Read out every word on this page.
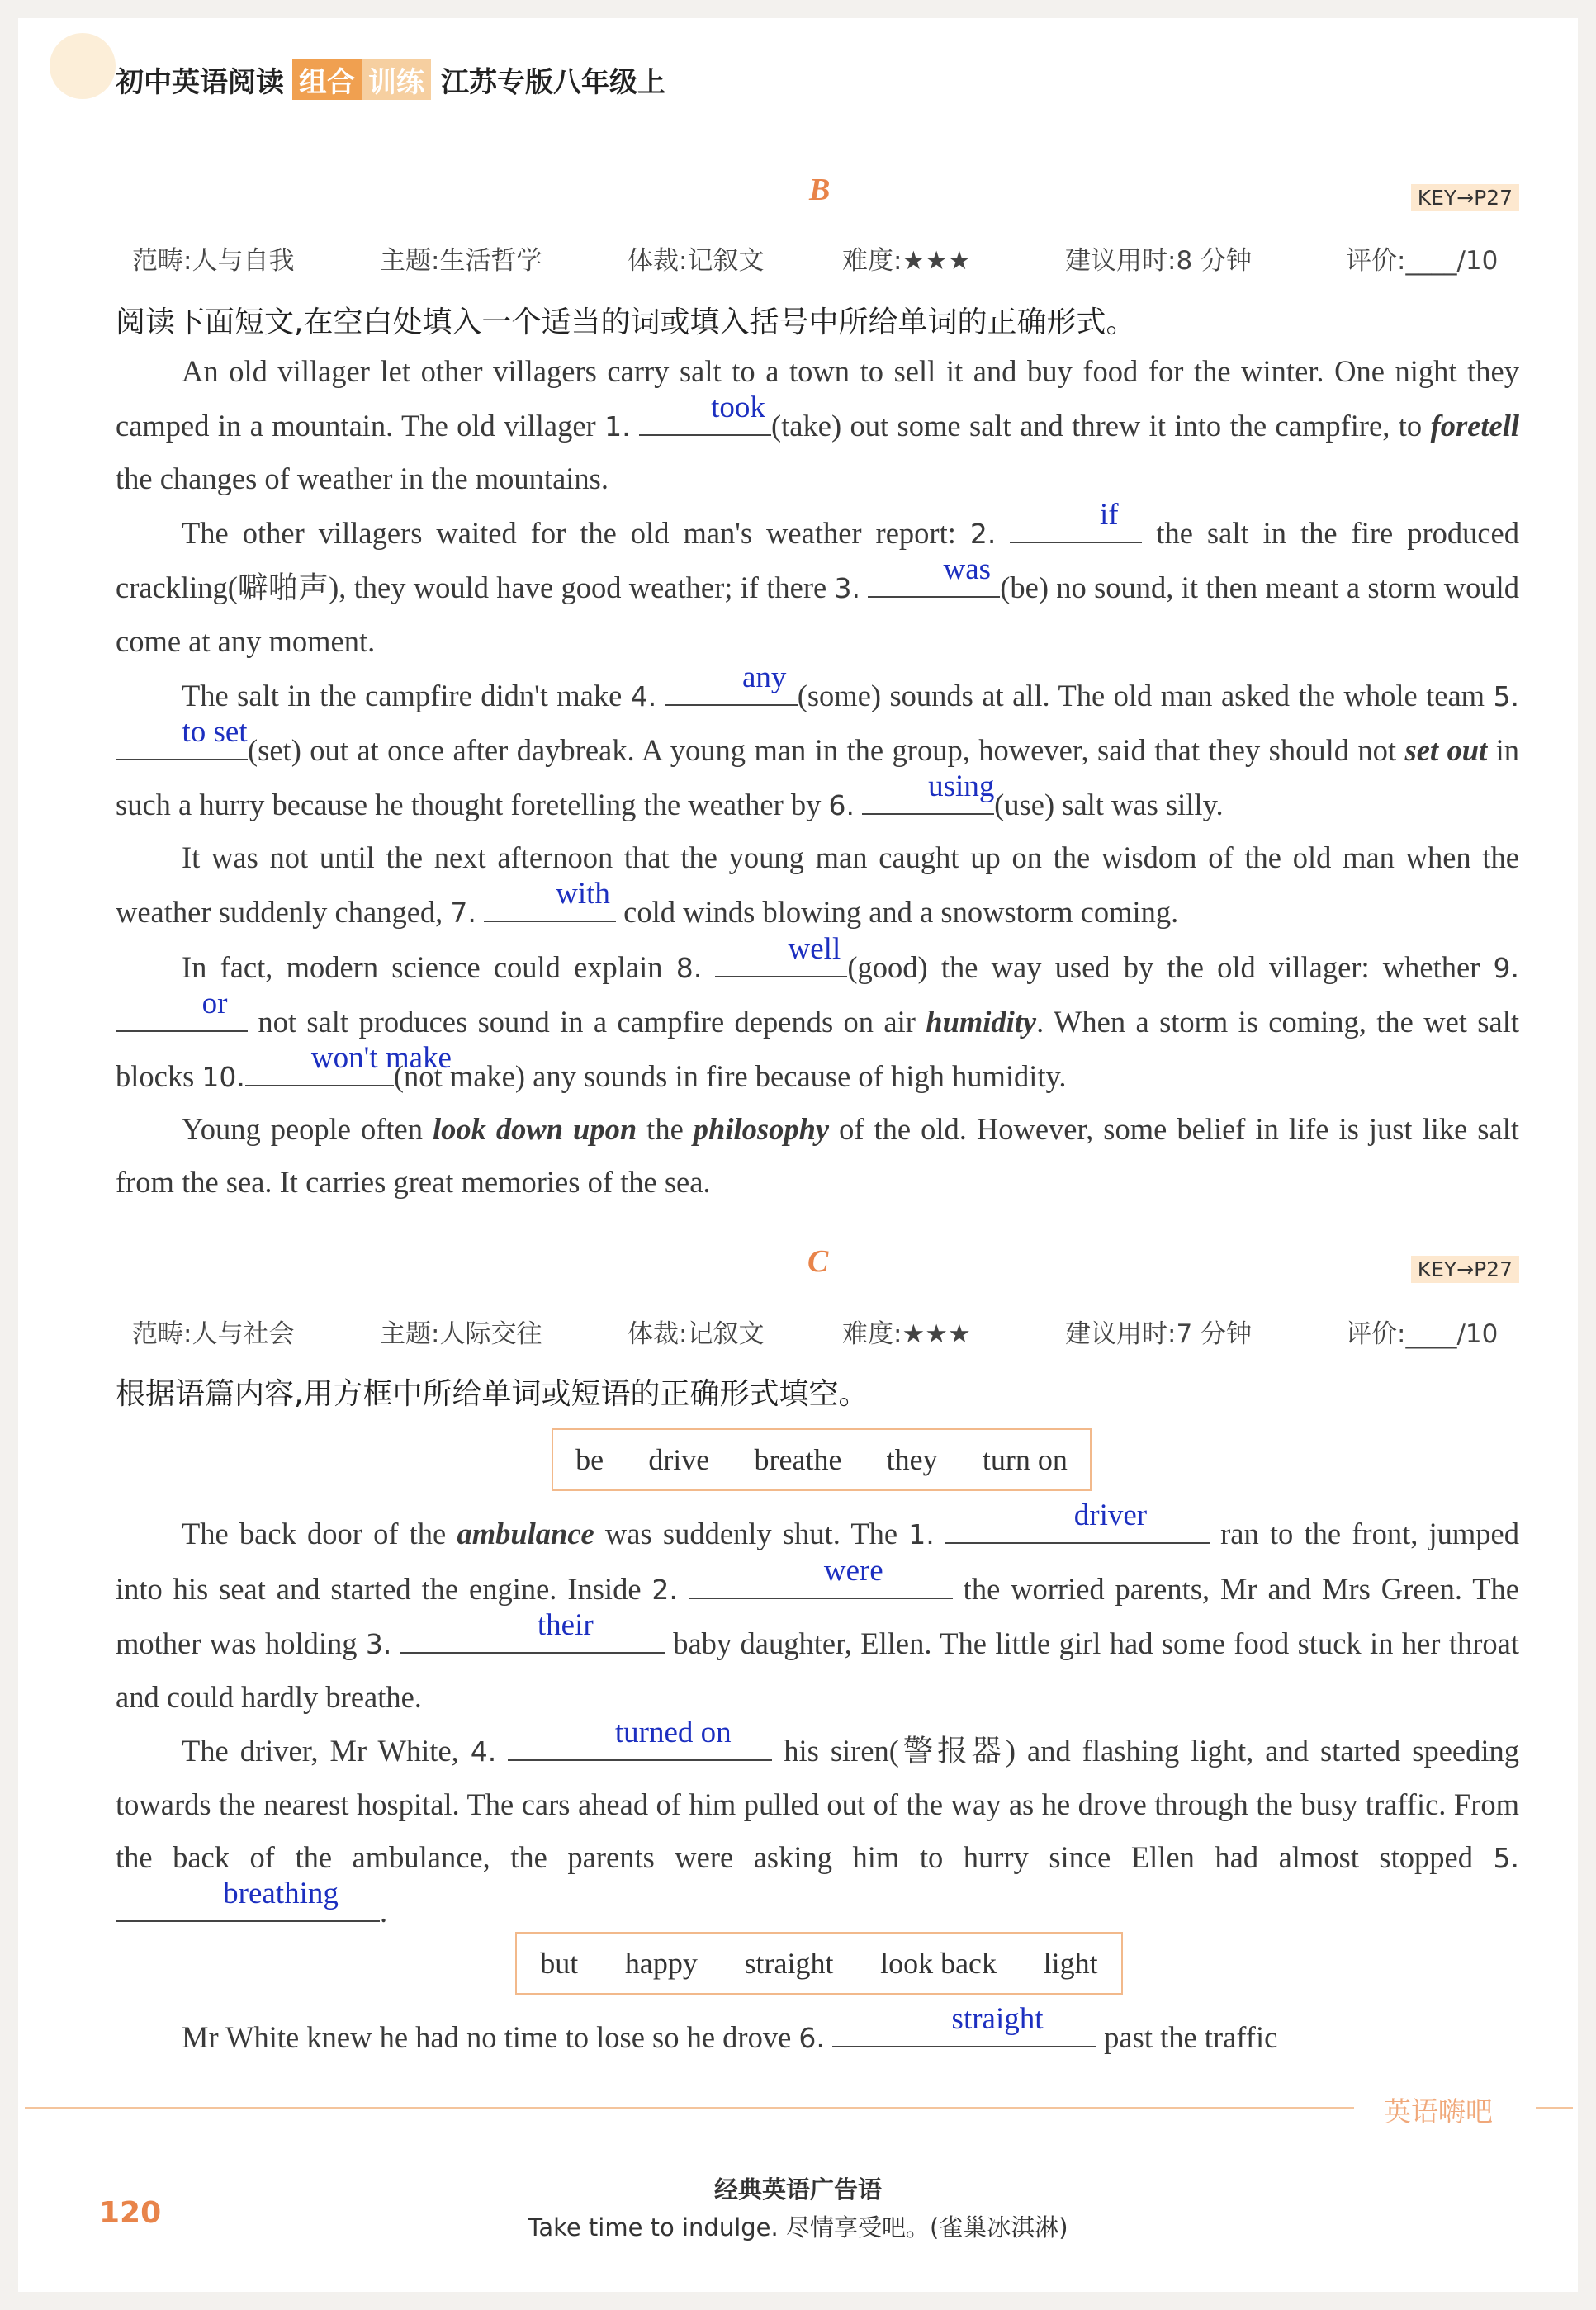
初中英语阅读 组合 训练 江苏专版八年级上
B	KEY→P27
范畴:人与自我	主题:生活哲学	体裁:记叙文	难度:★★★	建议用时:8 分钟	评价:____/10
阅读下面短文,在空白处填入一个适当的词或填入括号中所给单词的正确形式。

An old villager let other villagers carry salt to a town to sell it and buy food for the winter. One night they camped in a mountain. The old villager 1.
took
(take) out some salt and threw it into the campfire, to foretell the changes of weather in the mountains.

The other villagers waited for the old man's weather report: 2.
if
the salt in the fire produced crackling(噼啪声), they would have good weather; if there 3.
was
(be) no sound, it then meant a storm would come at any moment.

The salt in the campfire didn't make 4.
any
(some) sounds at all. The old man asked the whole team 5.
to set
(set) out at once after daybreak. A young man in the group, however, said that they should not set out in such a hurry because he thought foretelling the weather by 6.
using
(use) salt was silly.

It was not until the next afternoon that the young man caught up on the wisdom of the old man when the weather suddenly changed, 7.
with
cold winds blowing and a snowstorm coming.

In fact, modern science could explain 8.
well
(good) the way used by the old villager: whether 9.
or
not salt produces sound in a campfire depends on air humidity. When a storm is coming, the wet salt blocks 10.
won't make
(not make) any sounds in fire because of high humidity.

Young people often look down upon the philosophy of the old. However, some belief in life is just like salt from the sea. It carries great memories of the sea.

C	KEY→P27
范畴:人与社会	主题:人际交往	体裁:记叙文	难度:★★★	建议用时:7 分钟	评价:____/10
根据语篇内容,用方框中所给单词或短语的正确形式填空。
be drive breathe they turn on

The back door of the ambulance was suddenly shut. The 1.
driver
ran to the front, jumped into his seat and started the engine. Inside 2.
were
the worried parents, Mr and Mrs Green. The mother was holding 3.
their
baby daughter, Ellen. The little girl had some food stuck in her throat and could hardly breathe.

The driver, Mr White, 4.
turned on
his siren(警报器) and flashing light, and started speeding towards the nearest hospital. The cars ahead of him pulled out of the way as he drove through the busy traffic. From the back of the ambulance, the parents were asking him to hurry since Ellen had almost stopped 5.
breathing
.

but happy straight look back light

Mr White knew he had no time to lose so he drove 6.
straight
past the traffic

英语嗨吧
120
经典英语广告语
Take time to indulge. 尽情享受吧。(雀巢冰淇淋)
